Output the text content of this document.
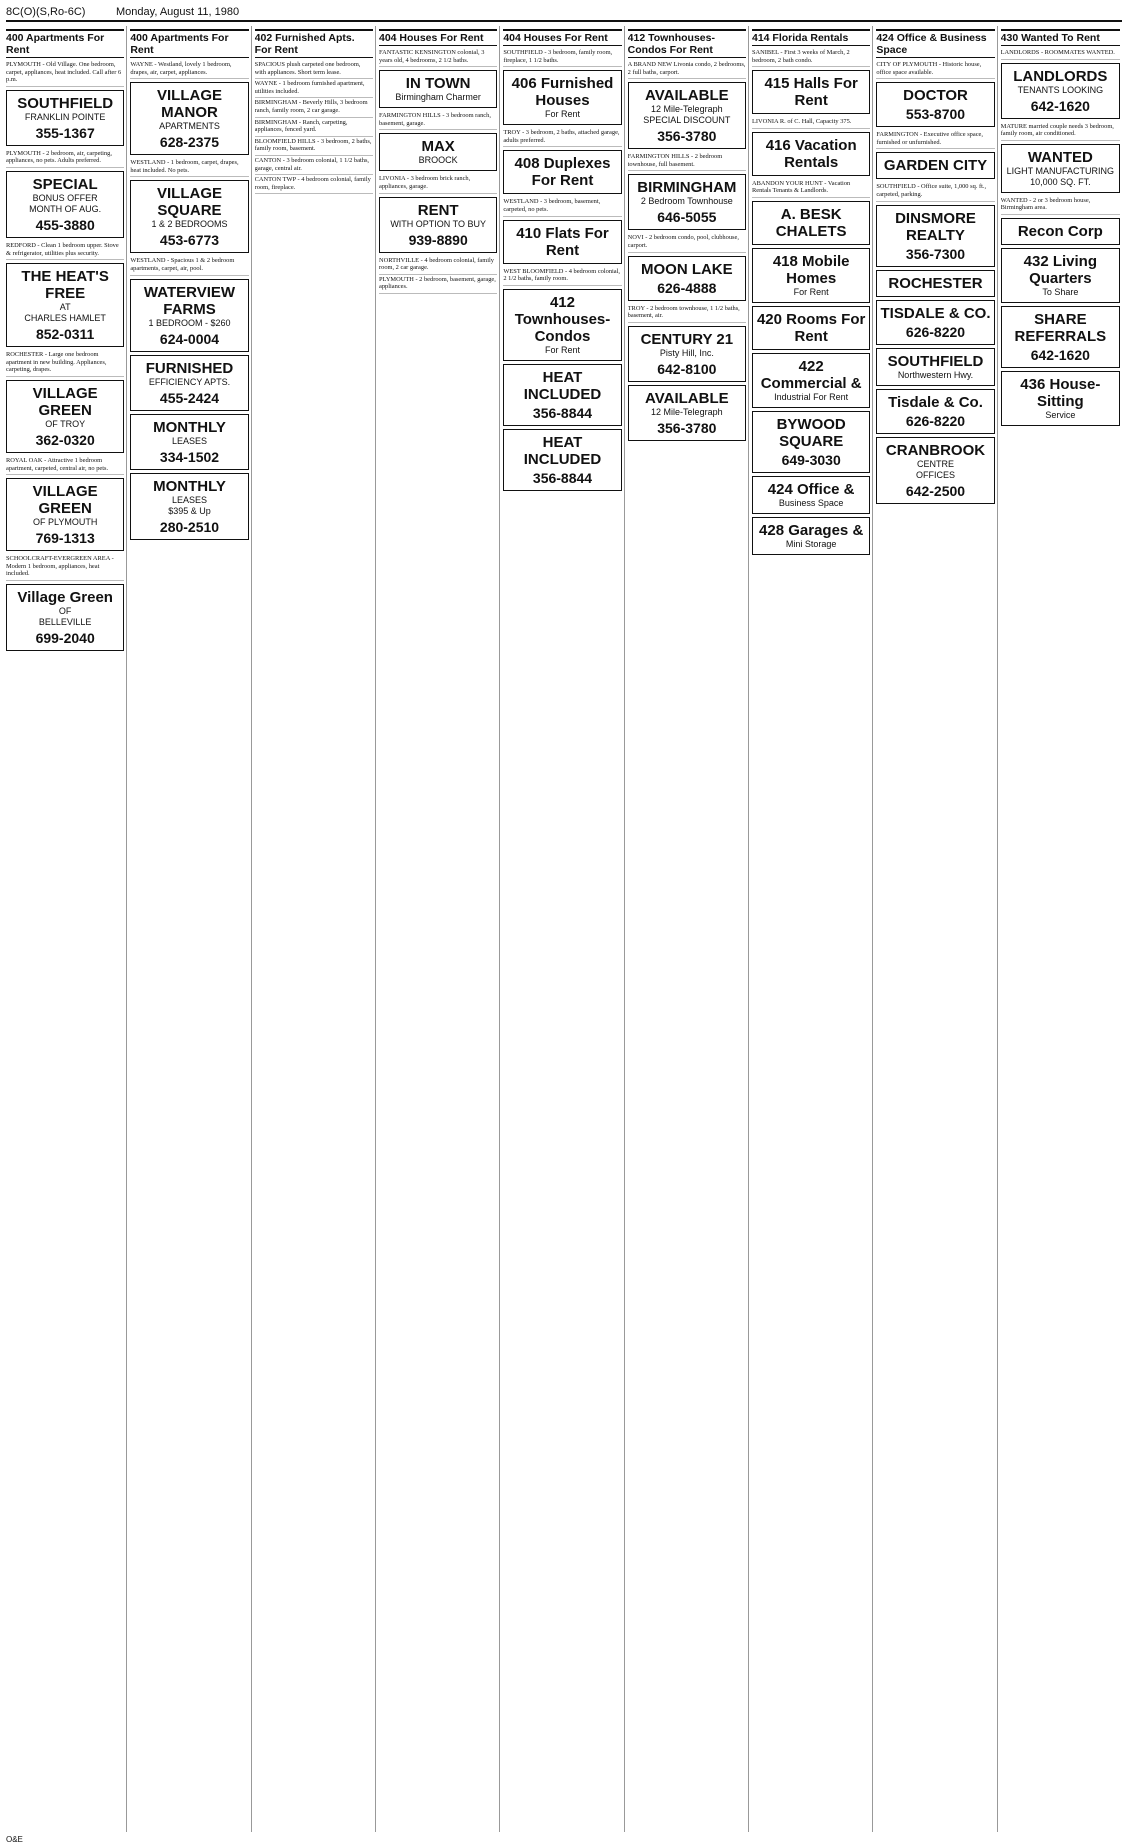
8C(O)(S,Ro-6C)	Monday, August 11, 1980
400 Apartments For Rent
PLYMOUTH - Old Village. One bedroom, carpet, appliances, heat included. Call after 6 p.m.
SOUTHFIELD
FRANKLIN POINTE
355-1367
PLYMOUTH - 2 bedroom, air, carpeting, appliances, no pets. Adults preferred.
SPECIAL
BONUS OFFER
MONTH OF AUG.
455-3880
REDFORD - Clean 1 bedroom upper. Stove & refrigerator, utilities plus security.
THE HEAT'S FREE
AT
CHARLES HAMLET
852-0311
ROCHESTER - Large one bedroom apartment in new building. Appliances, carpeting, drapes.
VILLAGE GREEN
OF TROY
362-0320
ROYAL OAK - Attractive 1 bedroom apartment, carpeted, central air, no pets.
VILLAGE GREEN
OF PLYMOUTH
769-1313
SCHOOLCRAFT-EVERGREEN AREA - Modern 1 bedroom, appliances, heat included.
Village Green
OF
BELLEVILLE
699-2040
400 Apartments For Rent
WAYNE - Westland, lovely 1 bedroom, drapes, air, carpet, appliances.
VILLAGE MANOR
APARTMENTS
628-2375
WESTLAND - 1 bedroom, carpet, drapes, heat included. No pets.
VILLAGE SQUARE
1 & 2 BEDROOMS
453-6773
WESTLAND - Spacious 1 & 2 bedroom apartments, carpet, air, pool.
WATERVIEW FARMS
1 BEDROOM - $260
624-0004
FURNISHED
EFFICIENCY APTS.
455-2424
MONTHLY
LEASES
334-1502
MONTHLY
LEASES
$395 & Up
280-2510
402 Furnished Apts. For Rent
SPACIOUS plush carpeted one bedroom, with appliances. Short term lease.
WAYNE - 1 bedroom furnished apartment, utilities included.
BIRMINGHAM - Beverly Hills, 3 bedroom ranch, family room, 2 car garage.
BIRMINGHAM - Ranch, carpeting, appliances, fenced yard.
BLOOMFIELD HILLS - 3 bedroom, 2 baths, family room, basement.
CANTON - 3 bedroom colonial, 1 1/2 baths, garage, central air.
CANTON TWP - 4 bedroom colonial, family room, fireplace.
404 Houses For Rent
FANTASTIC KENSINGTON colonial, 3 years old, 4 bedrooms, 2 1/2 baths.
IN TOWN
Birmingham Charmer
FARMINGTON HILLS - 3 bedroom ranch, basement, garage.
MAX
BROOCK
LIVONIA - 3 bedroom brick ranch, appliances, garage.
RENT
WITH OPTION TO BUY
939-8890
NORTHVILLE - 4 bedroom colonial, family room, 2 car garage.
PLYMOUTH - 2 bedroom, basement, garage, appliances.
404 Houses For Rent
SOUTHFIELD - 3 bedroom, family room, fireplace, 1 1/2 baths.
406 Furnished Houses
For Rent
TROY - 3 bedroom, 2 baths, attached garage, adults preferred.
408 Duplexes For Rent
WESTLAND - 3 bedroom, basement, carpeted, no pets.
410 Flats For Rent
WEST BLOOMFIELD - 4 bedroom colonial, 2 1/2 baths, family room.
412 Townhouses-Condos
For Rent
HEAT INCLUDED
356-8844
HEAT INCLUDED
356-8844
412 Townhouses-Condos For Rent
A BRAND NEW Livonia condo, 2 bedrooms, 2 full baths, carport.
AVAILABLE
12 Mile-Telegraph
SPECIAL DISCOUNT
356-3780
FARMINGTON HILLS - 2 bedroom townhouse, full basement.
BIRMINGHAM
2 Bedroom Townhouse
646-5055
NOVI - 2 bedroom condo, pool, clubhouse, carport.
MOON LAKE
626-4888
TROY - 2 bedroom townhouse, 1 1/2 baths, basement, air.
CENTURY 21
Pisty Hill, Inc.
642-8100
AVAILABLE
12 Mile-Telegraph
356-3780
414 Florida Rentals
SANIBEL - First 3 weeks of March, 2 bedroom, 2 bath condo.
415 Halls For Rent
LIVONIA R. of C. Hall, Capacity 375.
416 Vacation Rentals
ABANDON YOUR HUNT - Vacation Rentals Tenants & Landlords.
A. BESK CHALETS
418 Mobile Homes
For Rent
420 Rooms For Rent
422 Commercial &
Industrial For Rent
BYWOOD SQUARE
649-3030
424 Office &
Business Space
428 Garages &
Mini Storage
424 Office & Business Space
CITY OF PLYMOUTH - Historic house, office space available.
DOCTOR
553-8700
FARMINGTON - Executive office space, furnished or unfurnished.
GARDEN CITY
SOUTHFIELD - Office suite, 1,000 sq. ft., carpeted, parking.
DINSMORE REALTY
356-7300
ROCHESTER
TISDALE & CO.
626-8220
SOUTHFIELD
Northwestern Hwy.
Tisdale & Co.
626-8220
CRANBROOK
CENTRE
OFFICES
642-2500
430 Wanted To Rent
LANDLORDS - ROOMMATES WANTED.
LANDLORDS
TENANTS LOOKING
642-1620
MATURE married couple needs 3 bedroom, family room, air conditioned.
WANTED
LIGHT MANUFACTURING
10,000 SQ. FT.
WANTED - 2 or 3 bedroom house, Birmingham area.
Recon Corp
432 Living Quarters
To Share
SHARE REFERRALS
642-1620
436 House-Sitting
Service
O&E
